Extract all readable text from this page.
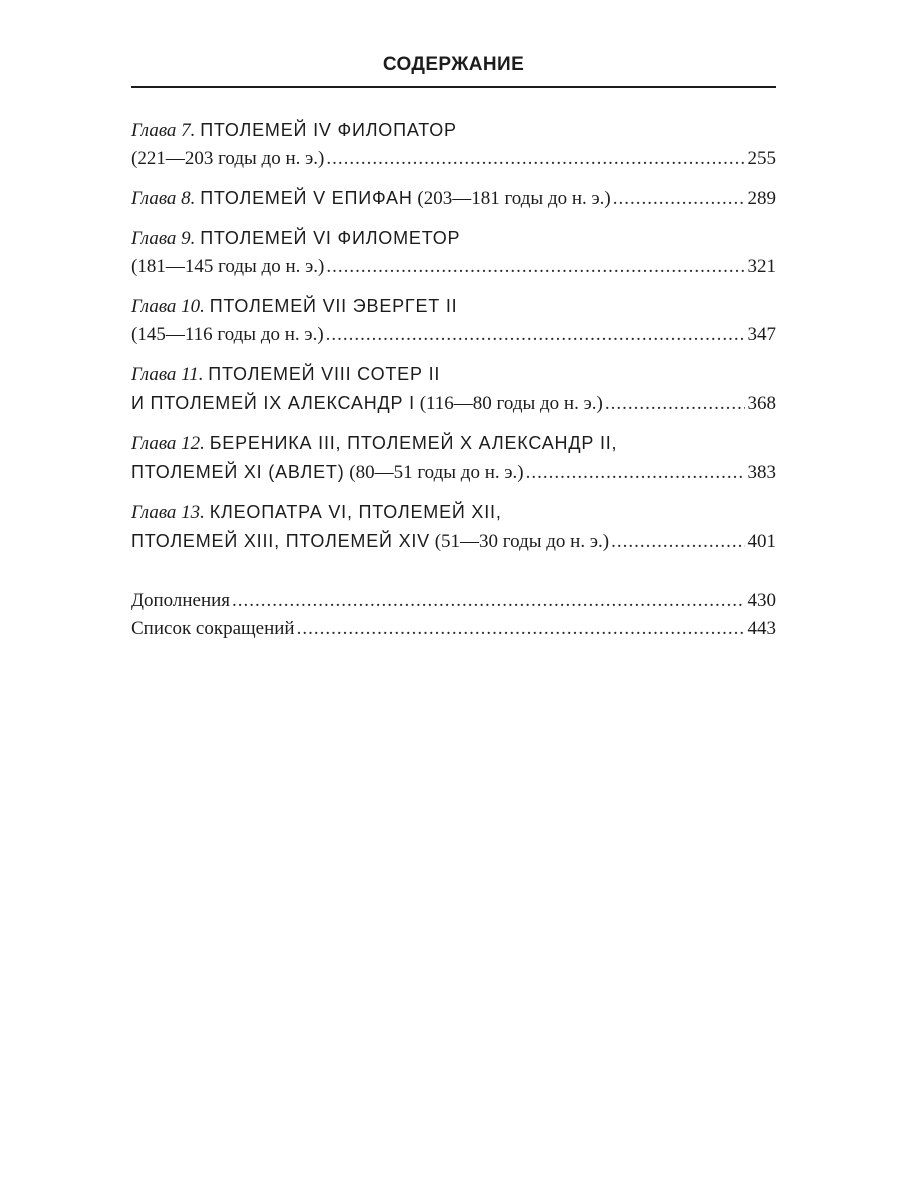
СОДЕРЖАНИЕ
Глава 7. ПТОЛЕМЕЙ IV ФИЛОПАТОР
(221—203 годы до н. э.) .....	255
Глава 8. ПТОЛЕМЕЙ V ЕПИФАН (203—181 годы до н. э.) .....	289
Глава 9. ПТОЛЕМЕЙ VI ФИЛОМЕТОР
(181—145 годы до н. э.) .....	321
Глава 10. ПТОЛЕМЕЙ VII ЭВЕРГЕТ II
(145—116 годы до н. э.) .....	347
Глава 11. ПТОЛЕМЕЙ VIII СОТЕР II
И ПТОЛЕМЕЙ IX АЛЕКСАНДР I (116—80 годы до н. э.) .....	368
Глава 12. БЕРЕНИКА III, ПТОЛЕМЕЙ X АЛЕКСАНДР II,
ПТОЛЕМЕЙ XI (АВЛЕТ) (80—51 годы до н. э.) .....	383
Глава 13. КЛЕОПАТРА VI, ПТОЛЕМЕЙ XII,
ПТОЛЕМЕЙ XIII, ПТОЛЕМЕЙ XIV (51—30 годы до н. э.) .....	401
Дополнения .....	430
Список сокращений .....	443
